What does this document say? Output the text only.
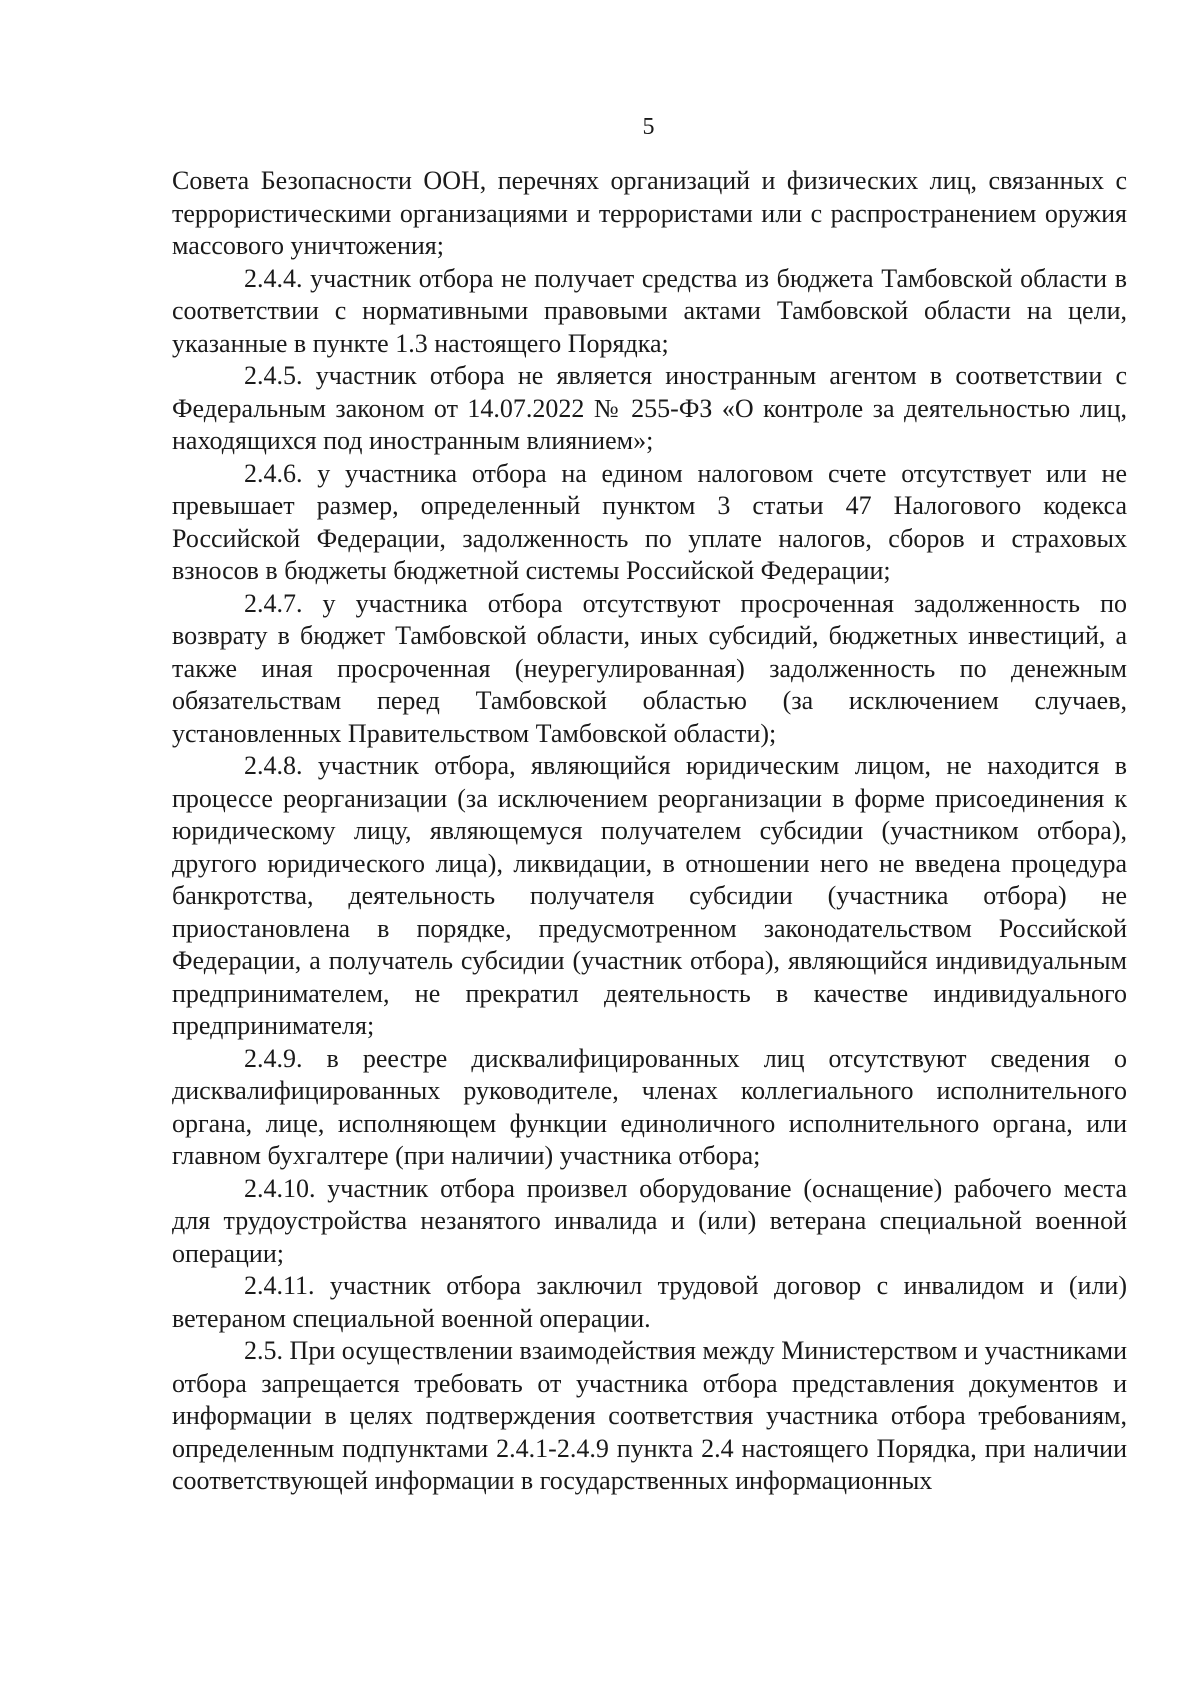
5

Совета Безопасности ООН, перечнях организаций и физических лиц, связанных с террористическими организациями и террористами или с распространением оружия массового уничтожения;

2.4.4. участник отбора не получает средства из бюджета Тамбовской области в соответствии с нормативными правовыми актами Тамбовской области на цели, указанные в пункте 1.3 настоящего Порядка;

2.4.5. участник отбора не является иностранным агентом в соответствии с Федеральным законом от 14.07.2022 № 255-ФЗ «О контроле за деятельностью лиц, находящихся под иностранным влиянием»;

2.4.6. у участника отбора на едином налоговом счете отсутствует или не превышает размер, определенный пунктом 3 статьи 47 Налогового кодекса Российской Федерации, задолженность по уплате налогов, сборов и страховых взносов в бюджеты бюджетной системы Российской Федерации;

2.4.7. у участника отбора отсутствуют просроченная задолженность по возврату в бюджет Тамбовской области, иных субсидий, бюджетных инвестиций, а также иная просроченная (неурегулированная) задолженность по денежным обязательствам перед Тамбовской областью (за исключением случаев, установленных Правительством Тамбовской области);

2.4.8. участник отбора, являющийся юридическим лицом, не находится в процессе реорганизации (за исключением реорганизации в форме присоединения к юридическому лицу, являющемуся получателем субсидии (участником отбора), другого юридического лица), ликвидации, в отношении него не введена процедура банкротства, деятельность получателя субсидии (участника отбора) не приостановлена в порядке, предусмотренном законодательством Российской Федерации, а получатель субсидии (участник отбора), являющийся индивидуальным предпринимателем, не прекратил деятельность в качестве индивидуального предпринимателя;

2.4.9. в реестре дисквалифицированных лиц отсутствуют сведения о дисквалифицированных руководителе, членах коллегиального исполнительного органа, лице, исполняющем функции единоличного исполнительного органа, или главном бухгалтере (при наличии) участника отбора;

2.4.10. участник отбора произвел оборудование (оснащение) рабочего места для трудоустройства незанятого инвалида и (или) ветерана специальной военной операции;

2.4.11. участник отбора заключил трудовой договор с инвалидом и (или) ветераном специальной военной операции.

2.5. При осуществлении взаимодействия между Министерством и участниками отбора запрещается требовать от участника отбора представления документов и информации в целях подтверждения соответствия участника отбора требованиям, определенным подпунктами 2.4.1-2.4.9 пункта 2.4 настоящего Порядка, при наличии соответствующей информации в государственных информационных
